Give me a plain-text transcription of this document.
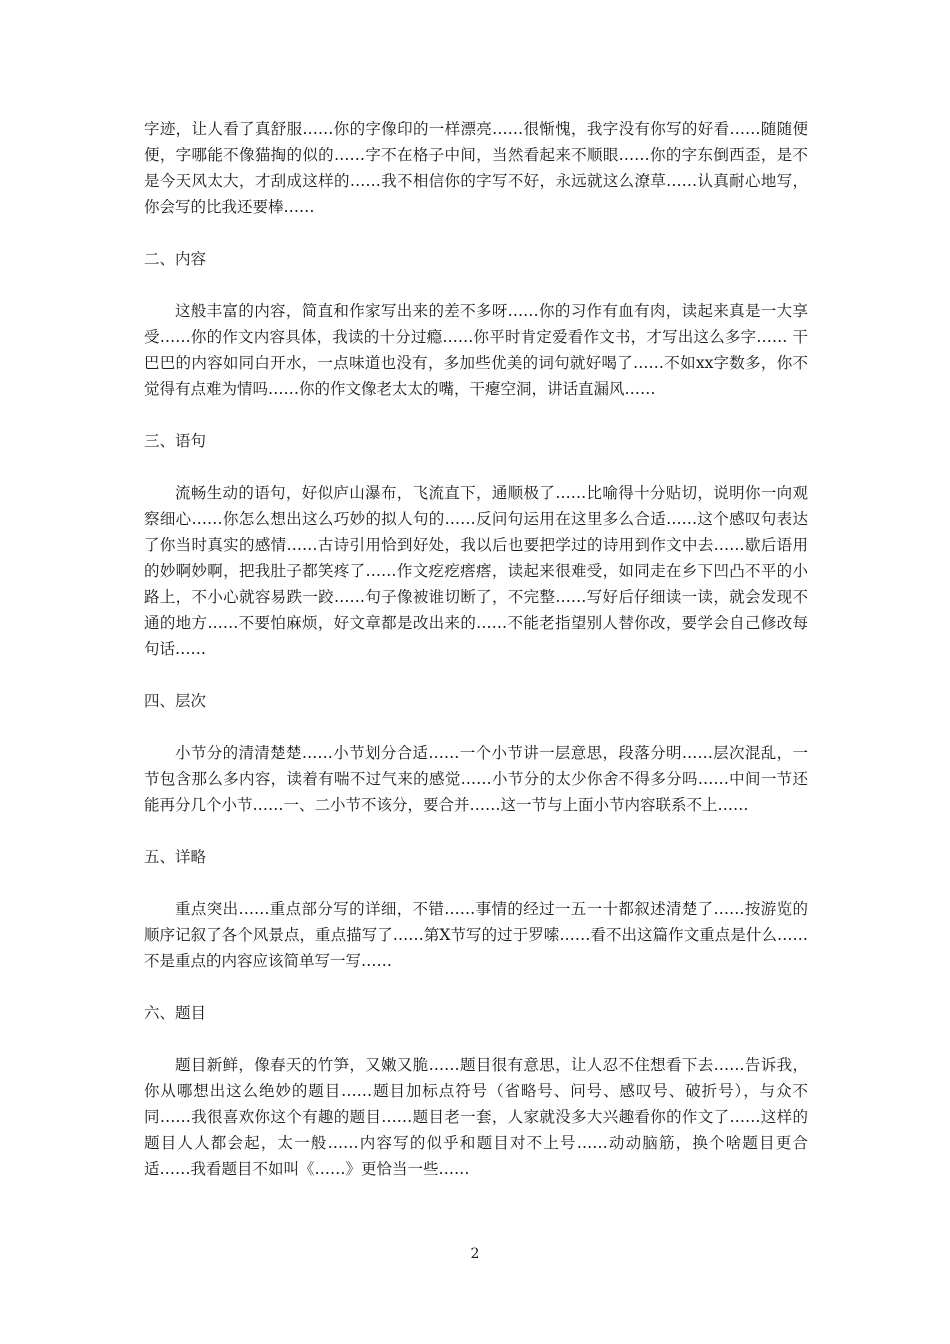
字迹，让人看了真舒服……你的字像印的一样漂亮……很惭愧，我字没有你写的好看……随随便便，字哪能不像猫掏的似的……字不在格子中间，当然看起来不顺眼……你的字东倒西歪，是不是今天风太大，才刮成这样的……我不相信你的字写不好，永远就这么潦草……认真耐心地写，你会写的比我还要棒……

二、内容

这般丰富的内容，简直和作家写出来的差不多呀……你的习作有血有肉，读起来真是一大享受……你的作文内容具体，我读的十分过瘾……你平时肯定爱看作文书，才写出这么多字…… 干巴巴的内容如同白开水，一点味道也没有，多加些优美的词句就好喝了……不如xx字数多，你不觉得有点难为情吗……你的作文像老太太的嘴，干瘪空洞，讲话直漏风……

三、语句

流畅生动的语句，好似庐山瀑布，飞流直下，通顺极了……比喻得十分贴切，说明你一向观察细心……你怎么想出这么巧妙的拟人句的……反问句运用在这里多么合适……这个感叹句表达了你当时真实的感情……古诗引用恰到好处，我以后也要把学过的诗用到作文中去……歇后语用的妙啊妙啊，把我肚子都笑疼了……作文疙疙瘩瘩，读起来很难受，如同走在乡下凹凸不平的小路上，不小心就容易跌一跤……句子像被谁切断了，不完整……写好后仔细读一读，就会发现不通的地方……不要怕麻烦，好文章都是改出来的……不能老指望别人替你改，要学会自己修改每句话……

四、层次

小节分的清清楚楚……小节划分合适……一个小节讲一层意思，段落分明……层次混乱，一节包含那么多内容，读着有喘不过气来的感觉……小节分的太少你舍不得多分吗……中间一节还能再分几个小节……一、二小节不该分，要合并……这一节与上面小节内容联系不上……

五、详略

重点突出……重点部分写的详细，不错……事情的经过一五一十都叙述清楚了……按游览的顺序记叙了各个风景点，重点描写了……第X节写的过于罗嗦……看不出这篇作文重点是什么……不是重点的内容应该简单写一写……

六、题目

题目新鲜，像春天的竹笋，又嫩又脆……题目很有意思，让人忍不住想看下去……告诉我，你从哪想出这么绝妙的题目……题目加标点符号（省略号、问号、感叹号、破折号），与众不同……我很喜欢你这个有趣的题目……题目老一套，人家就没多大兴趣看你的作文了……这样的题目人人都会起，太一般……内容写的似乎和题目对不上号……动动脑筋，换个啥题目更合适……我看题目不如叫《……》更恰当一些……

2
